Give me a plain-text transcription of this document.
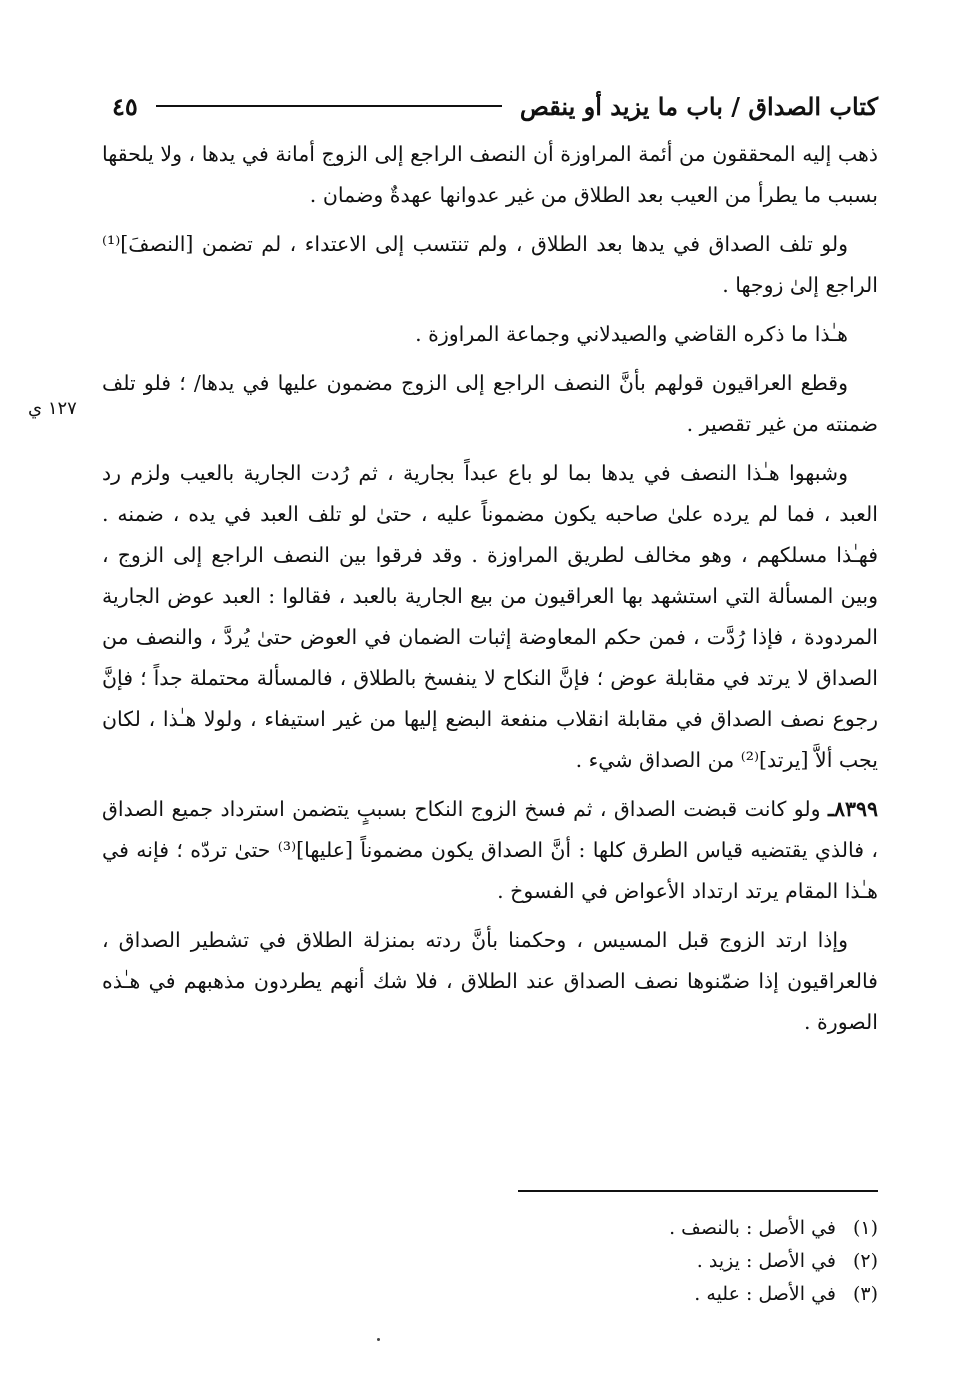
كتاب الصداق / باب ما يزيد أو ينقص
٤٥
١٢٧ ي

ذهب إليه المحققون من أئمة المراوزة أن النصف الراجع إلى الزوج أمانة في يدها ، ولا يلحقها بسبب ما يطرأ من العيب بعد الطلاق من غير عدوانها عهدةٌ وضمان .

ولو تلف الصداق في يدها بعد الطلاق ، ولم تنتسب إلى الاعتداء ، لم تضمن [النصفَ]⁽¹⁾ الراجع إلىٰ زوجها .

هـٰذا ما ذكره القاضي والصيدلاني وجماعة المراوزة .

وقطع العراقيون قولهم بأنَّ النصف الراجع إلى الزوج مضمون عليها في يدها/ ؛ فلو تلف ضمنته من غير تقصير .

وشبهوا هـٰذا النصف في يدها بما لو باع عبداً بجارية ، ثم رُدت الجارية بالعيب ولزم رد العبد ، فما لم يرده علىٰ صاحبه يكون مضموناً عليه ، حتىٰ لو تلف العبد في يده ، ضمنه . فهـٰذا مسلكهم ، وهو مخالف لطريق المراوزة . وقد فرقوا بين النصف الراجع إلى الزوج ، وبين المسألة التي استشهد بها العراقيون من بيع الجارية بالعبد ، فقالوا : العبد عوض الجارية المردودة ، فإذا رُدَّت ، فمن حكم المعاوضة إثبات الضمان في العوض حتىٰ يُردَّ ، والنصف من الصداق لا يرتد في مقابلة عوض ؛ فإنَّ النكاح لا ينفسخ بالطلاق ، فالمسألة محتملة جداً ؛ فإنَّ رجوع نصف الصداق في مقابلة انقلاب منفعة البضع إليها من غير استيفاء ، ولولا هـٰذا ، لكان يجب ألاَّ [يرتد]⁽²⁾ من الصداق شيء .

٨٣٩٩ـ ولو كانت قبضت الصداق ، ثم فسخ الزوج النكاح بسببٍ يتضمن استرداد جميع الصداق ، فالذي يقتضيه قياس الطرق كلها : أنَّ الصداق يكون مضموناً [عليها]⁽³⁾ حتىٰ تردّه ؛ فإنه في هـٰذا المقام يرتد ارتداد الأعواض في الفسوخ .

وإذا ارتد الزوج قبل المسيس ، وحكمنا بأنَّ ردته بمنزلة الطلاق في تشطير الصداق ، فالعراقيون إذا ضمّنوها نصف الصداق عند الطلاق ، فلا شك أنهم يطردون مذهبهم في هـٰذه الصورة .

(١)
في الأصل : بالنصف .
(٢)
في الأصل : يزيد .
(٣)
في الأصل : عليه .
